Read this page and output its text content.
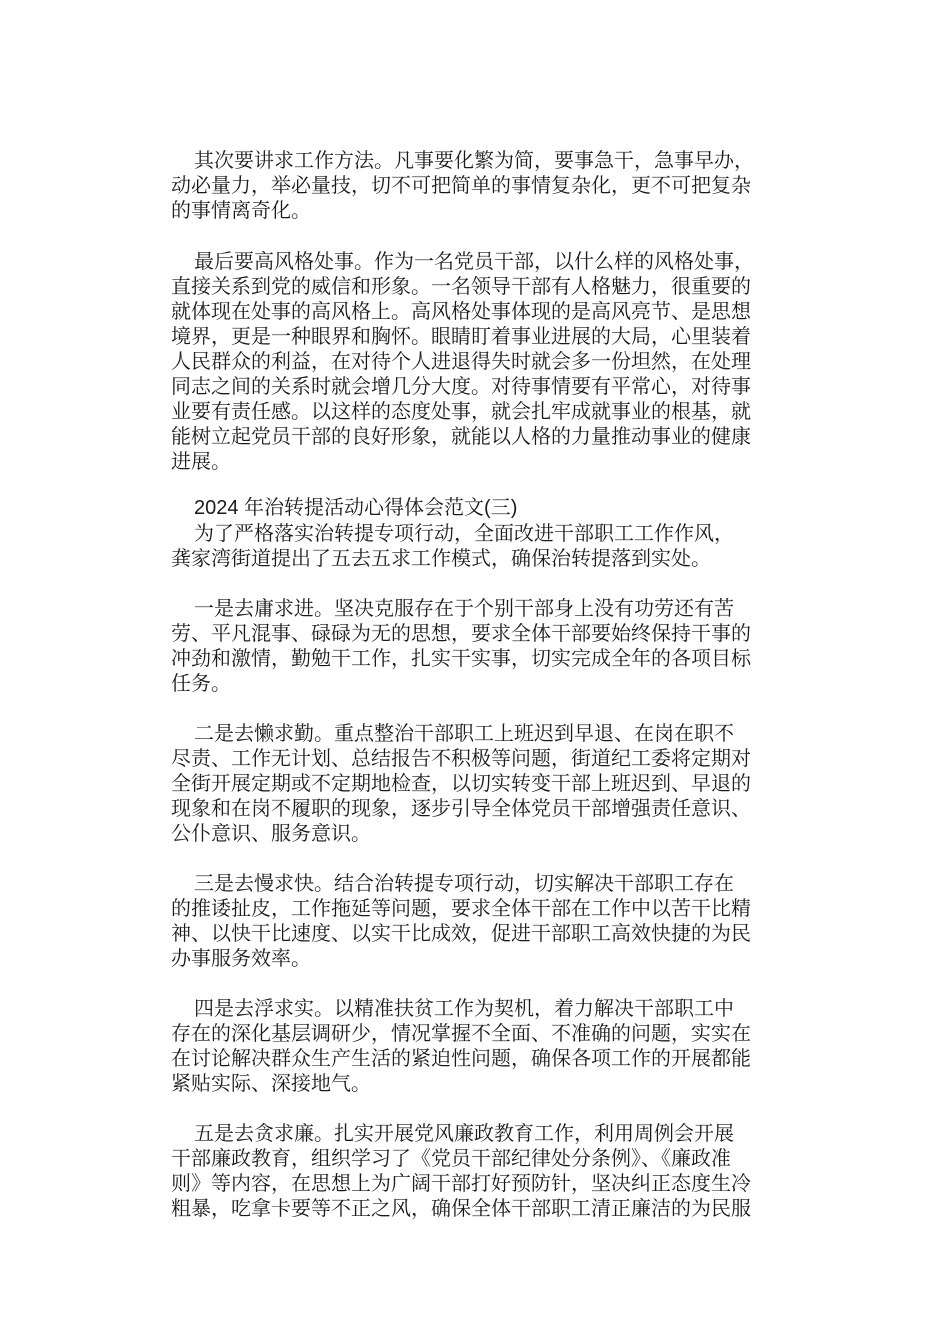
其次要讲求工作方法。凡事要化繁为简，要事急干，急事早办，
动必量力，举必量技，切不可把简单的事情复杂化，更不可把复杂
的事情离奇化。
最后要高风格处事。作为一名党员干部，以什么样的风格处事，
直接关系到党的威信和形象。一名领导干部有人格魅力，很重要的
就体现在处事的高风格上。高风格处事体现的是高风亮节、是思想
境界，更是一种眼界和胸怀。眼睛盯着事业进展的大局，心里装着
人民群众的利益，在对待个人进退得失时就会多一份坦然，在处理
同志之间的关系时就会增几分大度。对待事情要有平常心，对待事
业要有责任感。以这样的态度处事，就会扎牢成就事业的根基，就
能树立起党员干部的良好形象，就能以人格的力量推动事业的健康
进展。
2024 年治转提活动心得体会范文(三)
为了严格落实治转提专项行动，全面改进干部职工工作作风，
龚家湾街道提出了五去五求工作模式，确保治转提落到实处。
一是去庸求进。坚决克服存在于个别干部身上没有功劳还有苦
劳、平凡混事、碌碌为无的思想，要求全体干部要始终保持干事的
冲劲和激情，勤勉干工作，扎实干实事，切实完成全年的各项目标
任务。
二是去懒求勤。重点整治干部职工上班迟到早退、在岗在职不
尽责、工作无计划、总结报告不积极等问题，街道纪工委将定期对
全街开展定期或不定期地检查，以切实转变干部上班迟到、早退的
现象和在岗不履职的现象，逐步引导全体党员干部增强责任意识、
公仆意识、服务意识。
三是去慢求快。结合治转提专项行动，切实解决干部职工存在
的推诿扯皮，工作拖延等问题，要求全体干部在工作中以苦干比精
神、以快干比速度、以实干比成效，促进干部职工高效快捷的为民
办事服务效率。
四是去浮求实。以精准扶贫工作为契机，着力解决干部职工中
存在的深化基层调研少，情况掌握不全面、不准确的问题，实实在
在讨论解决群众生产生活的紧迫性问题，确保各项工作的开展都能
紧贴实际、深接地气。
五是去贪求廉。扎实开展党风廉政教育工作，利用周例会开展
干部廉政教育，组织学习了《党员干部纪律处分条例》、《廉政准
则》等内容，在思想上为广阔干部打好预防针，坚决纠正态度生冷
粗暴，吃拿卡要等不正之风，确保全体干部职工清正廉洁的为民服
